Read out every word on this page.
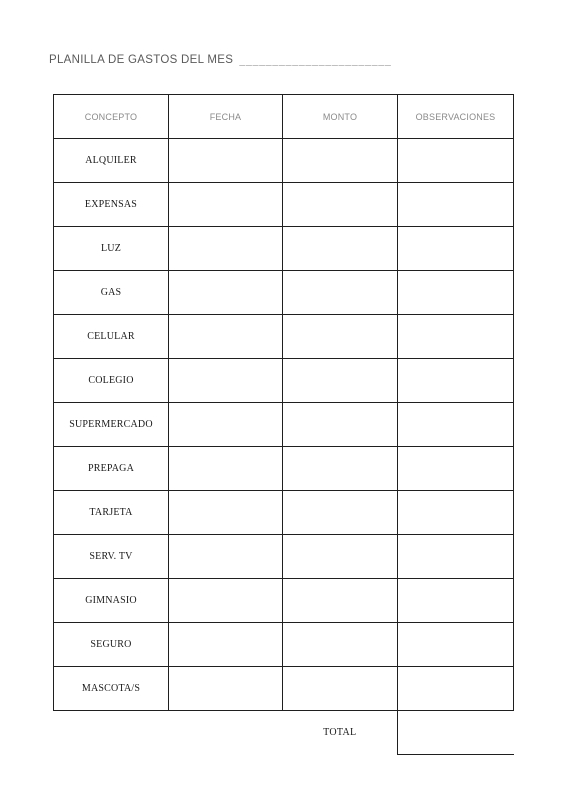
PLANILLA DE GASTOS DEL MES _______________________
CONCEPTO	FECHA	MONTO	OBSERVACIONES
ALQUILER			
EXPENSAS			
LUZ			
GAS			
CELULAR			
COLEGIO			
SUPERMERCADO			
PREPAGA			
TARJETA			
SERV. TV			
GIMNASIO			
SEGURO			
MASCOTA/S			
		TOTAL	
